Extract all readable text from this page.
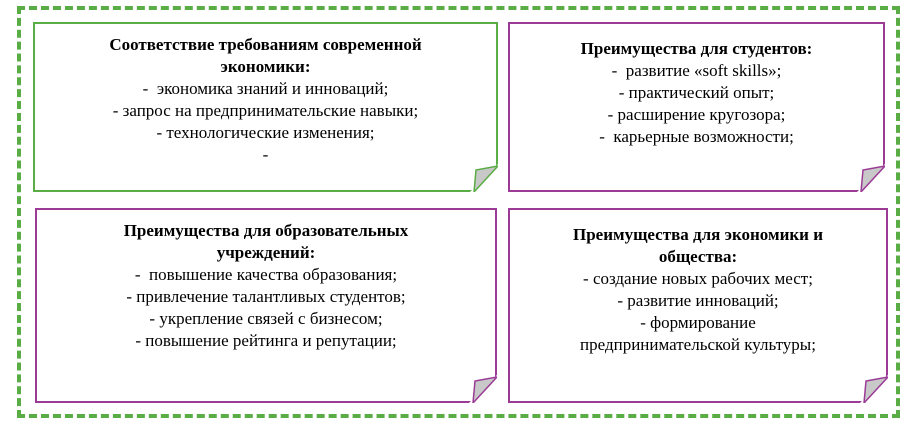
Соответствие требованиям современной
экономики:
-  экономика знаний и инноваций;
- запрос на предпринимательские навыки;
- технологические изменения;
-
Преимущества для студентов:
-  развитие «soft skills»;
- практический опыт;
- расширение кругозора;
-  карьерные возможности;
Преимущества для образовательных
учреждений:
-  повышение качества образования;
- привлечение талантливых студентов;
- укрепление связей с бизнесом;
- повышение рейтинга и репутации;
Преимущества для экономики и
общества:
- создание новых рабочих мест;
- развитие инноваций;
- формирование
предпринимательской культуры;
